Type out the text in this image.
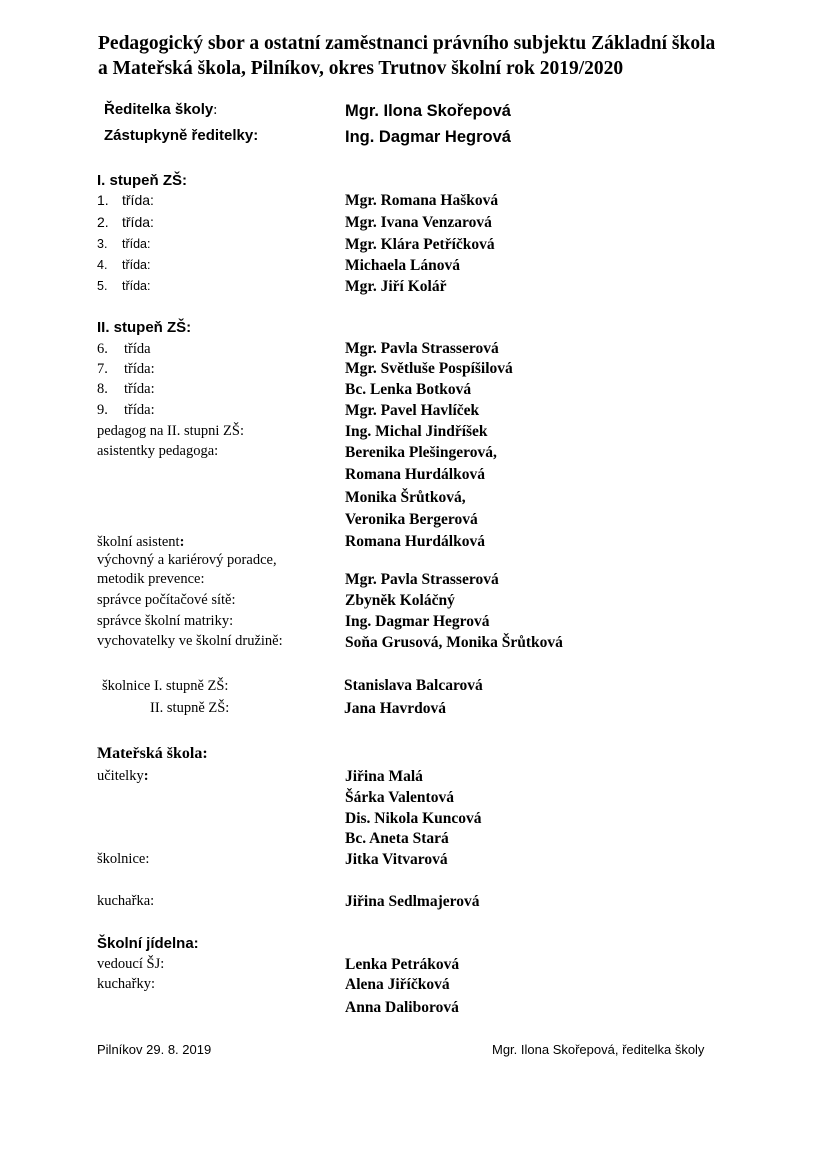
Pedagogický sbor a ostatní zaměstnanci právního subjektu Základní škola
a Mateřská škola, Pilníkov, okres Trutnov školní rok 2019/2020
Ředitelka školy:	Mgr. Ilona Skořepová
Zástupkyně ředitelky:	Ing. Dagmar Hegrová
I. stupeň ZŠ:
1. třída:	Mgr. Romana Hašková
2. třída:	Mgr. Ivana Venzarová
3. třída:	Mgr. Klára Petříčková
4. třída:	Michaela Lánová
5. třída:	Mgr. Jiří Kolář
II. stupeň ZŠ:
6. třída	Mgr. Pavla Strasserová
7. třída:	Mgr. Světluše Pospíšilová
8. třída:	Bc. Lenka Botková
9. třída:	Mgr. Pavel Havlíček
pedagog na II. stupni ZŠ:	Ing. Michal Jindříšek
asistentky pedagoga:	Berenika Plešingerová,
Romana Hurdálková
Monika Šrůtková,
Veronika Bergerová
školní asistent:	Romana Hurdálková
výchovný a kariérový poradce,
metodik prevence:	Mgr. Pavla Strasserová
správce počítačové sítě:	Zbyněk Koláčný
správce školní matriky:	Ing. Dagmar Hegrová
vychovatelky ve školní družině:	Soňa Grusová, Monika Šrůtková
školnice I. stupně ZŠ:	Stanislava Balcarová
II. stupně ZŠ:	Jana Havrdová
Mateřská škola:
učitelky:	Jiřina Malá
Šárka Valentová
Dis. Nikola Kuncová
Bc. Aneta Stará
školnice:	Jitka Vitvarová
kuchařka:	Jiřina Sedlmajerová
Školní jídelna:
vedoucí ŠJ:	Lenka Petráková
kuchařky:	Alena Jiříčková
Anna Daliborová
Pilníkov 29. 8. 2019	Mgr. Ilona Skořepová, ředitelka školy
